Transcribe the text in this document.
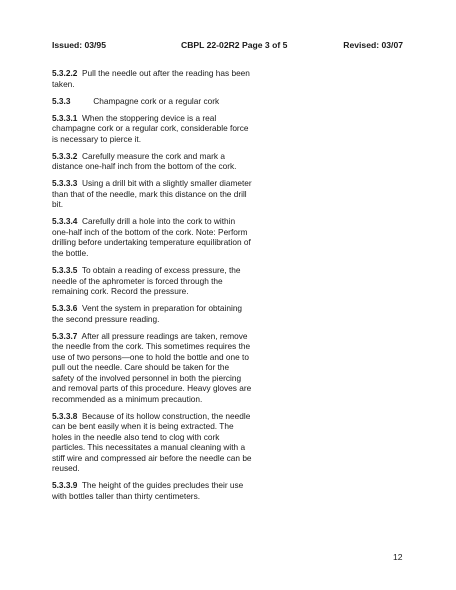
Issued: 03/95	CBPL 22-02R2 Page 3 of 5	Revised: 03/07

5.3.2.2 Pull the needle out after the reading has been taken.

5.3.3	Champagne cork or a regular cork

5.3.3.1 When the stoppering device is a real champagne cork or a regular cork, considerable force is necessary to pierce it.

5.3.3.2 Carefully measure the cork and mark a distance one-half inch from the bottom of the cork.

5.3.3.3 Using a drill bit with a slightly smaller diameter than that of the needle, mark this distance on the drill bit.

5.3.3.4 Carefully drill a hole into the cork to within one-half inch of the bottom of the cork. Note: Perform drilling before undertaking temperature equilibration of the bottle.

5.3.3.5 To obtain a reading of excess pressure, the needle of the aphrometer is forced through the remaining cork. Record the pressure.

5.3.3.6 Vent the system in preparation for obtaining the second pressure reading.

5.3.3.7 After all pressure readings are taken, remove the needle from the cork. This sometimes requires the use of two persons—one to hold the bottle and one to pull out the needle. Care should be taken for the safety of the involved personnel in both the piercing and removal parts of this procedure. Heavy gloves are recommended as a minimum precaution.

5.3.3.8 Because of its hollow construction, the needle can be bent easily when it is being extracted. The holes in the needle also tend to clog with cork particles. This necessitates a manual cleaning with a stiff wire and compressed air before the needle can be reused.

5.3.3.9 The height of the guides precludes their use with bottles taller than thirty centimeters.

12
